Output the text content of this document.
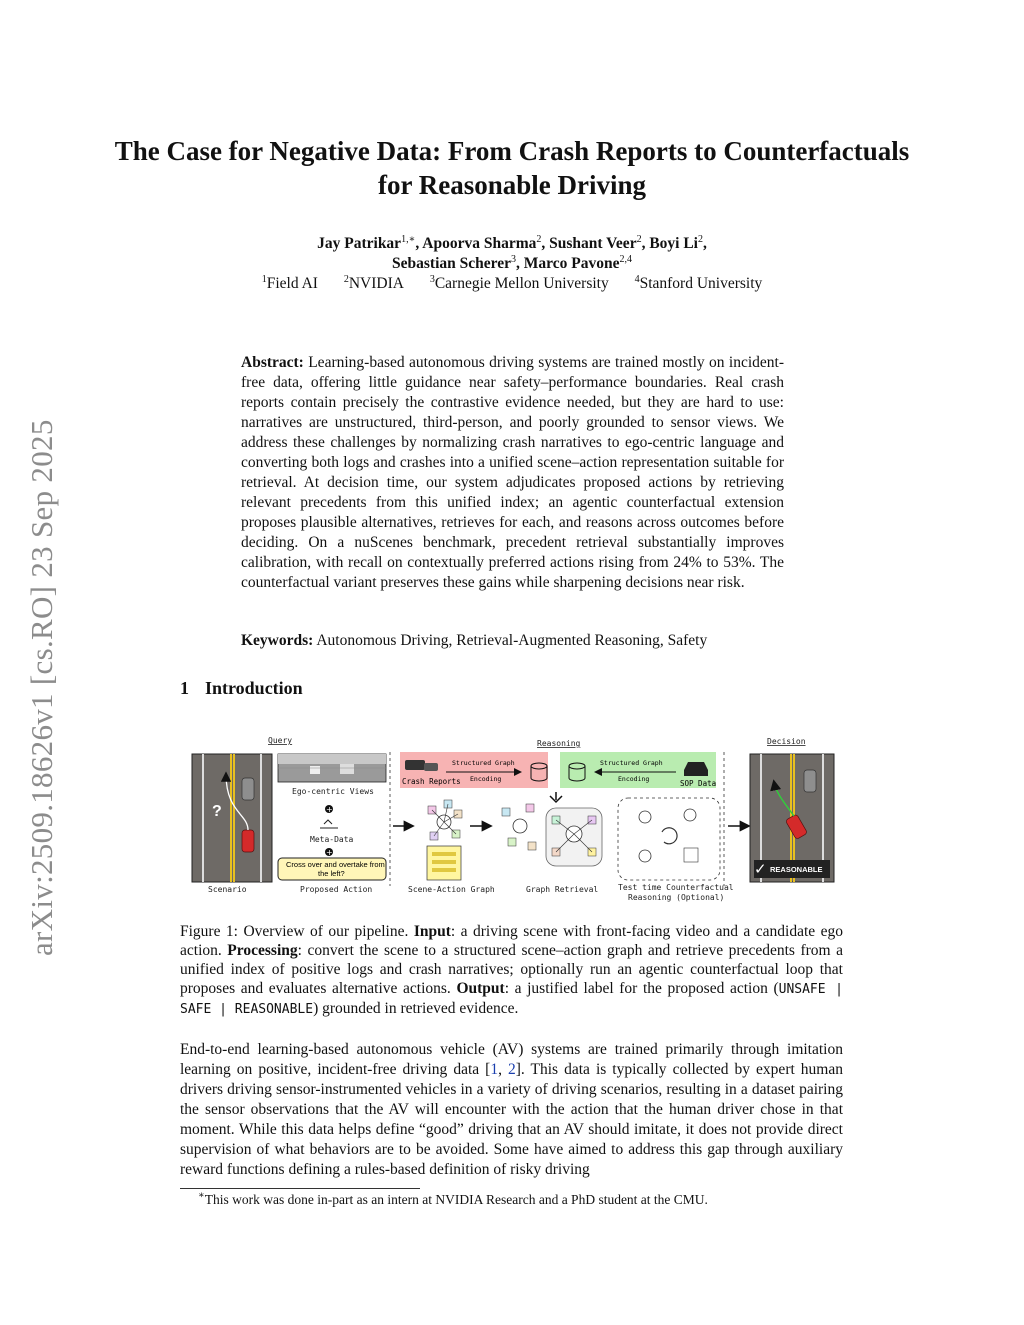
arXiv:2509.18626v1 [cs.RO] 23 Sep 2025
The Case for Negative Data: From Crash Reports to Counterfactuals for Reasonable Driving
Jay Patrikar$^{1,∗}$, Apoorva Sharma$^2$, Sushant Veer$^2$, Boyi Li$^2$,
Sebastian Scherer$^3$, Marco Pavone$^{2,4}$
$^1$Field AI	$^2$NVIDIA	$^3$Carnegie Mellon University	$^4$Stanford University
Abstract: Learning-based autonomous driving systems are trained mostly on incident-free data, offering little guidance near safety–performance boundaries. Real crash reports contain precisely the contrastive evidence needed, but they are hard to use: narratives are unstructured, third-person, and poorly grounded to sensor views. We address these challenges by normalizing crash narratives to ego-centric language and converting both logs and crashes into a unified scene–action representation suitable for retrieval. At decision time, our system adjudicates proposed actions by retrieving relevant precedents from this unified index; an agentic counterfactual extension proposes plausible alternatives, retrieves for each, and reasons across outcomes before deciding. On a nuScenes benchmark, precedent retrieval substantially improves calibration, with recall on contextually preferred actions rising from 24% to 53%. The counterfactual variant preserves these gains while sharpening decisions near risk.
Keywords: Autonomous Driving, Retrieval-Augmented Reasoning, Safety
1 Introduction
Query	Reasoning	Decision
?
Scenario
Ego-centric Views
+
Meta-Data
+
Cross over and overtake from
the left?
Proposed Action
Crash Reports
Structured Graph
Encoding
Structured Graph
Encoding	SOP Data
Scene-Action Graph	Graph Retrieval Test time Counterfactual
Reasoning (Optional)
✓ REASONABLE
Figure 1: Overview of our pipeline. Input: a driving scene with front-facing video and a candidate ego action. Processing: convert the scene to a structured scene–action graph and retrieve precedents from a unified index of positive logs and crash narratives; optionally run an agentic counterfactual loop that proposes and evaluates alternative actions. Output: a justified label for the proposed action (UNSAFE | SAFE | REASONABLE) grounded in retrieved evidence.
End-to-end learning-based autonomous vehicle (AV) systems are trained primarily through imitation learning on positive, incident-free driving data [1, 2]. This data is typically collected by expert human drivers driving sensor-instrumented vehicles in a variety of driving scenarios, resulting in a dataset pairing the sensor observations that the AV will encounter with the action that the human driver chose in that moment. While this data helps define “good” driving that an AV should imitate, it does not provide direct supervision of what behaviors are to be avoided. Some have aimed to address this gap through auxiliary reward functions defining a rules-based definition of risky driving
∗This work was done in-part as an intern at NVIDIA Research and a PhD student at the CMU.
